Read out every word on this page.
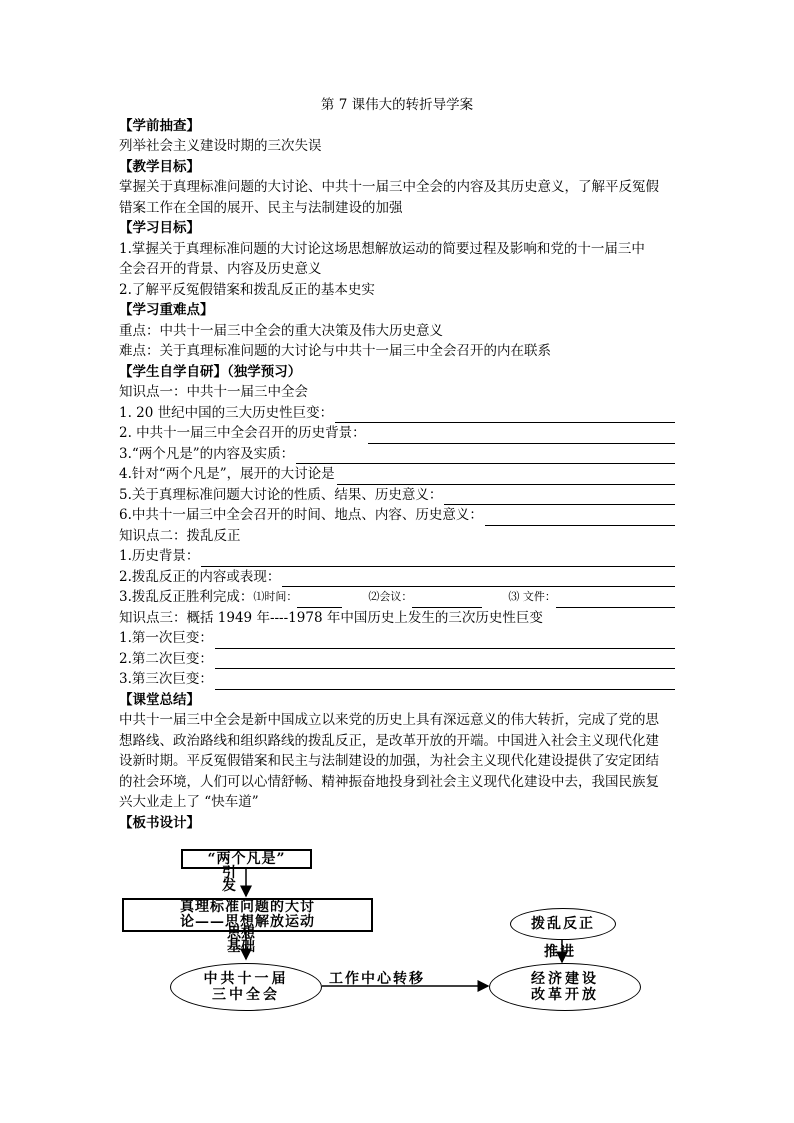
第 7 课伟大的转折导学案
【学前抽查】
列举社会主义建设时期的三次失误
【教学目标】
掌握关于真理标准问题的大讨论、中共十一届三中全会的内容及其历史意义，了解平反冤假
错案工作在全国的展开、民主与法制建设的加强
【学习目标】
1.掌握关于真理标准问题的大讨论这场思想解放运动的简要过程及影响和党的十一届三中
全会召开的背景、内容及历史意义
2.了解平反冤假错案和拨乱反正的基本史实
【学习重难点】
重点：中共十一届三中全会的重大决策及伟大历史意义
难点：关于真理标准问题的大讨论与中共十一届三中全会召开的内在联系
【学生自学自研】（独学预习）
知识点一：中共十一届三中全会
1. 20 世纪中国的三大历史性巨变：
2. 中共十一届三中全会召开的历史背景：
3.“两个凡是”的内容及实质：
4.针对“两个凡是”，展开的大讨论是
5.关于真理标准问题大讨论的性质、结果、历史意义：
6.中共十一届三中全会召开的时间、地点、内容、历史意义：
知识点二：拨乱反正
1.历史背景：
2.拨乱反正的内容或表现：
3.拨乱反正胜利完成： ⑴时间：	⑵会议：	⑶ 文件：
知识点三：概括 1949 年----1978 年中国历史上发生的三次历史性巨变
1.第一次巨变：
2.第二次巨变：
3.第三次巨变：
【课堂总结】
中共十一届三中全会是新中国成立以来党的历史上具有深远意义的伟大转折，完成了党的思
想路线、政治路线和组织路线的拨乱反正，是改革开放的开端。中国进入社会主义现代化建
设新时期。平反冤假错案和民主与法制建设的加强，为社会主义现代化建设提供了安定团结
的社会环境，人们可以心情舒畅、精神振奋地投身到社会主义现代化建设中去，我国民族复
兴大业走上了 “快车道”
【板书设计】
“两个凡是”
引
发
真理标准问题的大讨
论——思想解放运动
思想
基础
中共十一届
三中全会
工作中心转移	经济建设
改革开放
拨乱反正
推进
